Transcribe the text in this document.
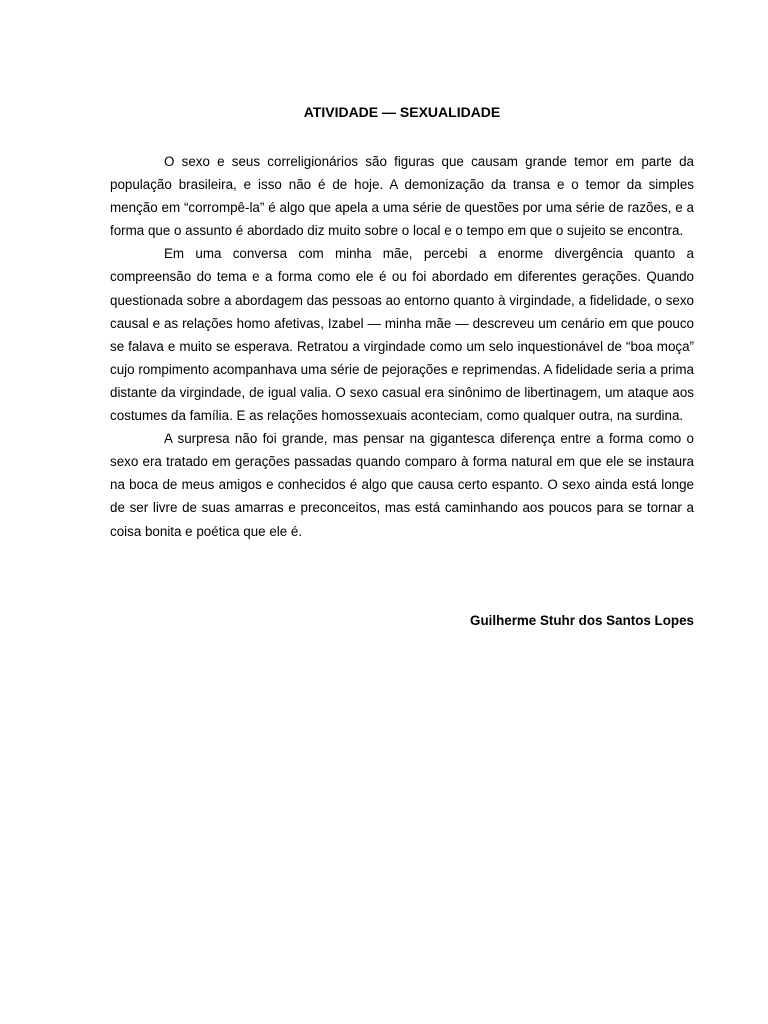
ATIVIDADE — SEXUALIDADE

O sexo e seus correligionários são figuras que causam grande temor em parte da população brasileira, e isso não é de hoje. A demonização da transa e o temor da simples menção em “corrompê-la” é algo que apela a uma série de questões por uma série de razões, e a forma que o assunto é abordado diz muito sobre o local e o tempo em que o sujeito se encontra.

Em uma conversa com minha mãe, percebi a enorme divergência quanto a compreensão do tema e a forma como ele é ou foi abordado em diferentes gerações. Quando questionada sobre a abordagem das pessoas ao entorno quanto à virgindade, a fidelidade, o sexo causal e as relações homo afetivas, Izabel — minha mãe — descreveu um cenário em que pouco se falava e muito se esperava. Retratou a virgindade como um selo inquestionável de “boa moça” cujo rompimento acompanhava uma série de pejorações e reprimendas. A fidelidade seria a prima distante da virgindade, de igual valia. O sexo casual era sinônimo de libertinagem, um ataque aos costumes da família. E as relações homossexuais aconteciam, como qualquer outra, na surdina.

A surpresa não foi grande, mas pensar na gigantesca diferença entre a forma como o sexo era tratado em gerações passadas quando comparo à forma natural em que ele se instaura na boca de meus amigos e conhecidos é algo que causa certo espanto. O sexo ainda está longe de ser livre de suas amarras e preconceitos, mas está caminhando aos poucos para se tornar a coisa bonita e poética que ele é.

Guilherme Stuhr dos Santos Lopes
